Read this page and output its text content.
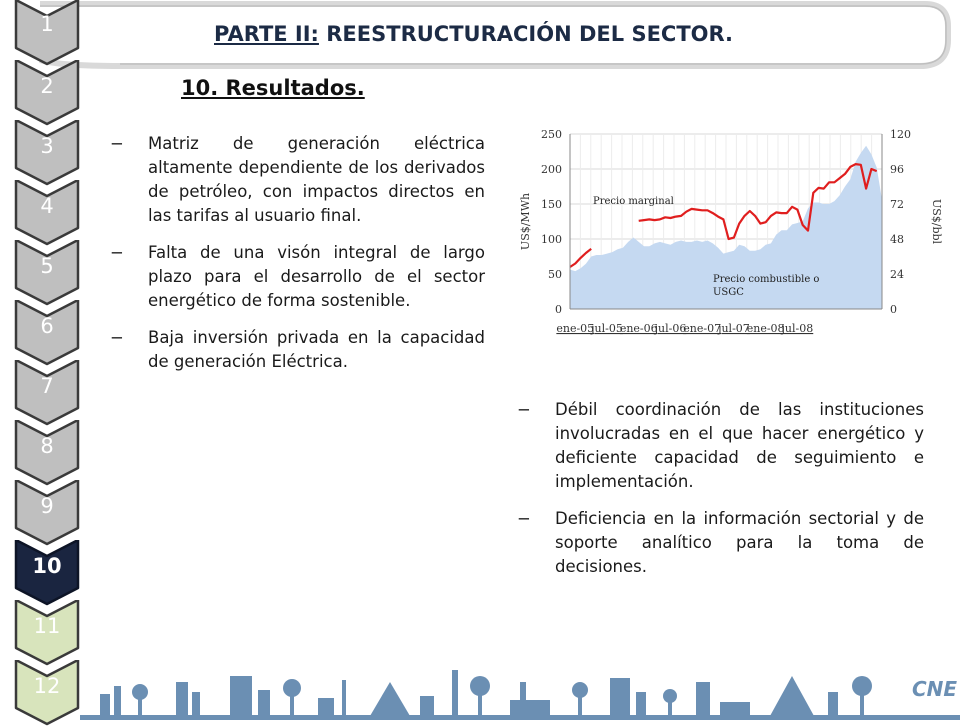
PARTE II: REESTRUCTURACIÓN DEL SECTOR.
10. Resultados.
1
2
3
4
5
6
7
8
9
10
11
12
− Matriz de generación eléctrica altamente dependiente de los derivados de petróleo, con impactos directos en las tarifas al usuario final.
− Falta de una visón integral de largo plazo para el desarrollo de el sector energético de forma sostenible.
− Baja inversión privada en la capacidad de generación Eléctrica.
250
200
150
100
50
0
120
96
72
48
24
0
ene-05
jul-05
ene-06
jul-06
ene-07
jul-07
ene-08
jul-08
US$/MWh	US$/bbl
Precio marginal
Precio combustible o USGC
− Débil coordinación de las instituciones involucradas en el que hacer energético y deficiente capacidad de seguimiento e implementación.
− Deficiencia en la información sectorial y de soporte analítico para la toma de decisiones.
CNE
